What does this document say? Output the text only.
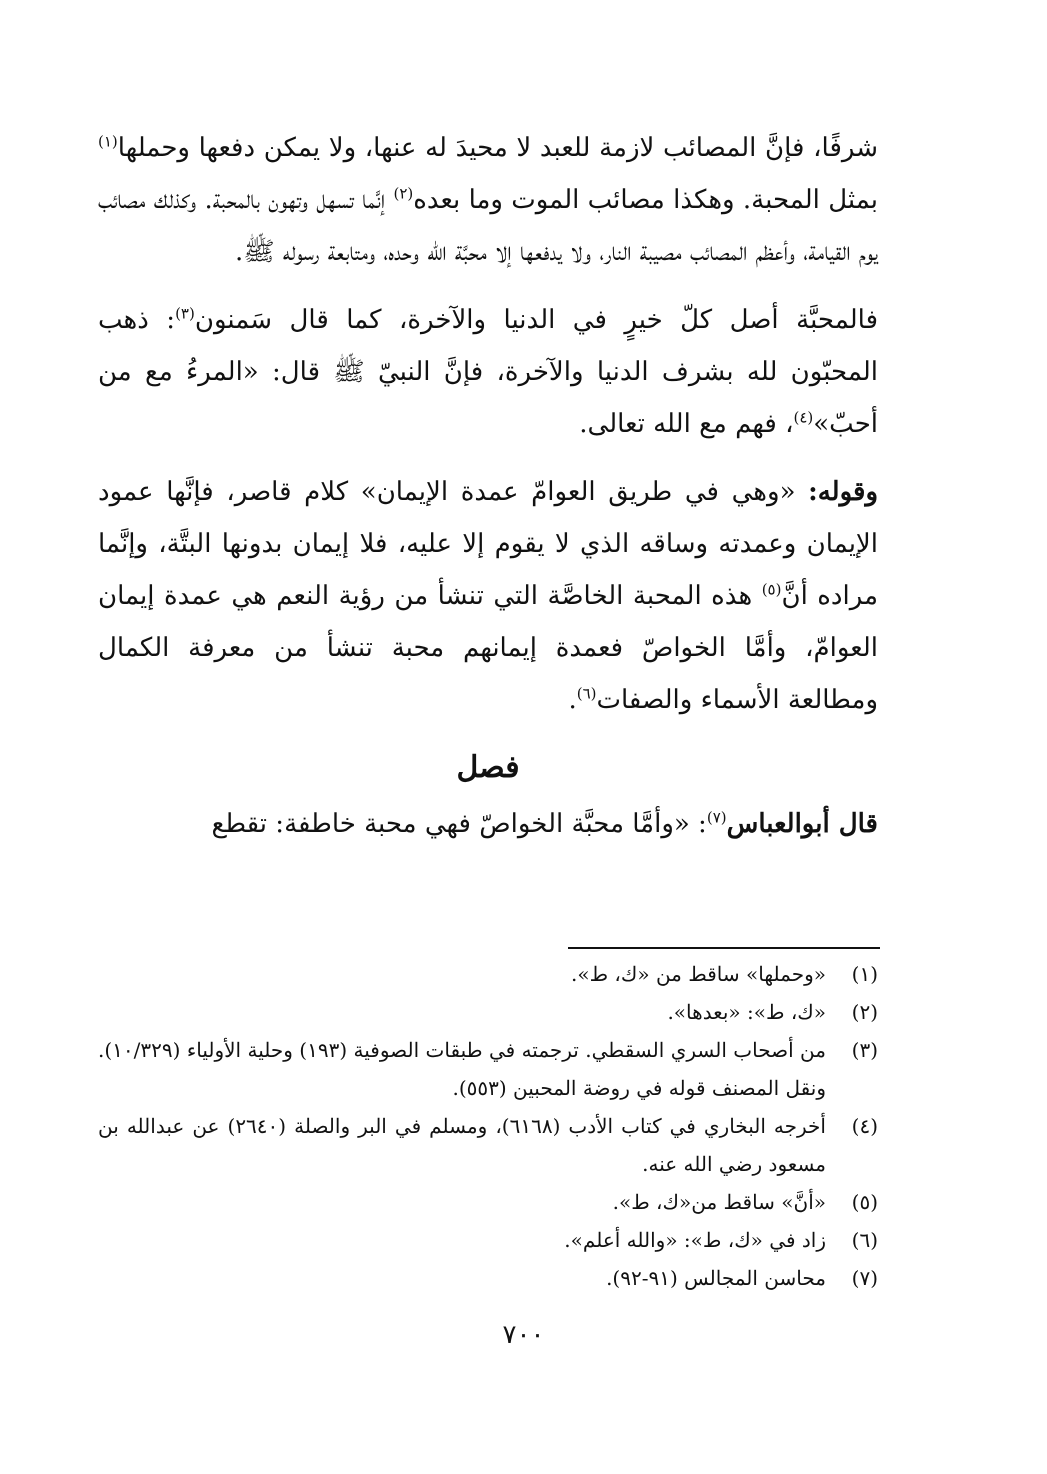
شرفًا، فإنَّ المصائب لازمة للعبد لا محيدَ له عنها، ولا يمكن دفعها وحملها$^{(١)}$ بمثل المحبة. وهكذا مصائب الموت وما بعده$^{(٢)}$ إنَّما تسهل وتهون بالمحبة. وكذلك مصائب يوم القيامة، وأعظم المصائب مصيبة النار، ولا يدفعها إلا محبَّة الله وحده، ومتابعة رسوله ﷺ.

فالمحبَّة أصل كلّ خيرٍ في الدنيا والآخرة، كما قال سَمنون$^{(٣)}$: ذهب المحبّون لله بشرف الدنيا والآخرة، فإنَّ النبيّ ﷺ قال: «المرءُ مع من أحبّ»$^{(٤)}$، فهم مع الله تعالى.

وقوله: «وهي في طريق العوامّ عمدة الإيمان» كلام قاصر، فإنَّها عمود الإيمان وعمدته وساقه الذي لا يقوم إلا عليه، فلا إيمان بدونها البتَّة، وإنَّما مراده أنَّ$^{(٥)}$ هذه المحبة الخاصَّة التي تنشأ من رؤية النعم هي عمدة إيمان العوامّ، وأمَّا الخواصّ فعمدة إيمانهم محبة تنشأ من معرفة الكمال ومطالعة الأسماء والصفات$^{(٦)}$.

فصل

قال أبوالعباس$^{(٧)}$: «وأمَّا محبَّة الخواصّ فهي محبة خاطفة: تقطع

(١)
«وحملها» ساقط من «ك، ط».
(٢)
«ك، ط»: «بعدها».
(٣)
من أصحاب السري السقطي. ترجمته في طبقات الصوفية (١٩٣) وحلية الأولياء (١٠/٣٢٩). ونقل المصنف قوله في روضة المحبين (٥٥٣).
(٤)
أخرجه البخاري في كتاب الأدب (٦١٦٨)، ومسلم في البر والصلة (٢٦٤٠) عن عبدالله بن مسعود رضي الله عنه.
(٥)
«أنَّ» ساقط من«ك، ط».
(٦)
زاد في «ك، ط»: «والله أعلم».
(٧)
محاسن المجالس (٩١-٩٢).
٧٠٠
